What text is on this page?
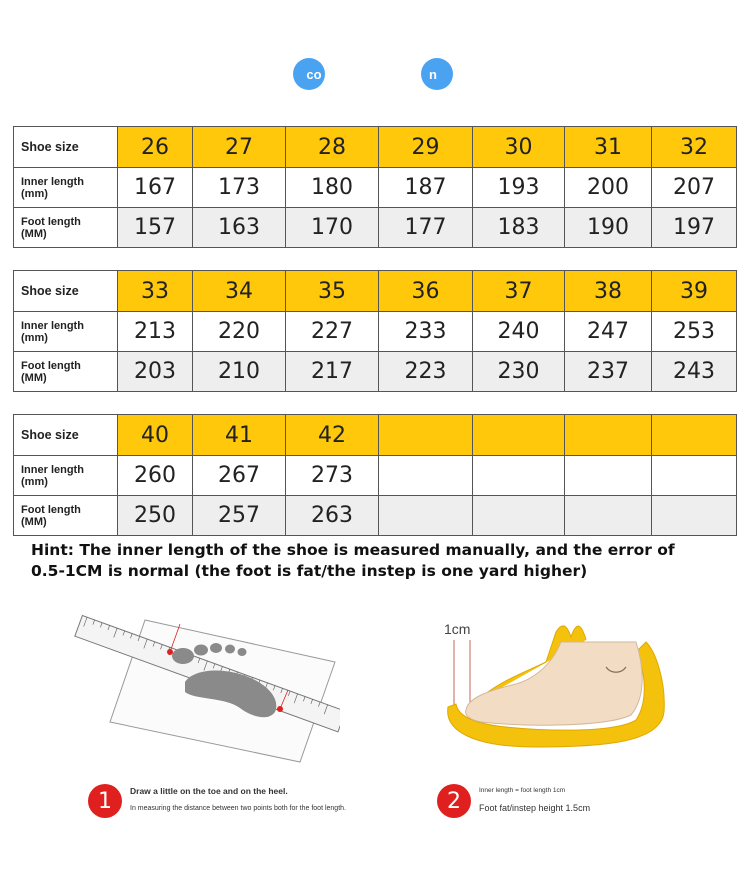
co	n
Shoe size	26	27	28	29	30	31	32
Inner length
(mm)	167	173	180	187	193	200	207
Foot length
(MM)	157	163	170	177	183	190	197
Shoe size	33	34	35	36	37	38	39
Inner length
(mm)	213	220	227	233	240	247	253
Foot length
(MM)	203	210	217	223	230	237	243
Shoe size	40	41	42				
Inner length
(mm)	260	267	273				
Foot length
(MM)	250	257	263				
Hint: The inner length of the shoe is measured manually, and the error of
0.5-1CM is normal (the foot is fat/the instep is one yard higher)
1cm
1	Draw a little on the toe and on the heel.
In measuring the distance between two points both for the foot length.	2	Inner length = foot length 1cm
Foot fat/instep height 1.5cm
